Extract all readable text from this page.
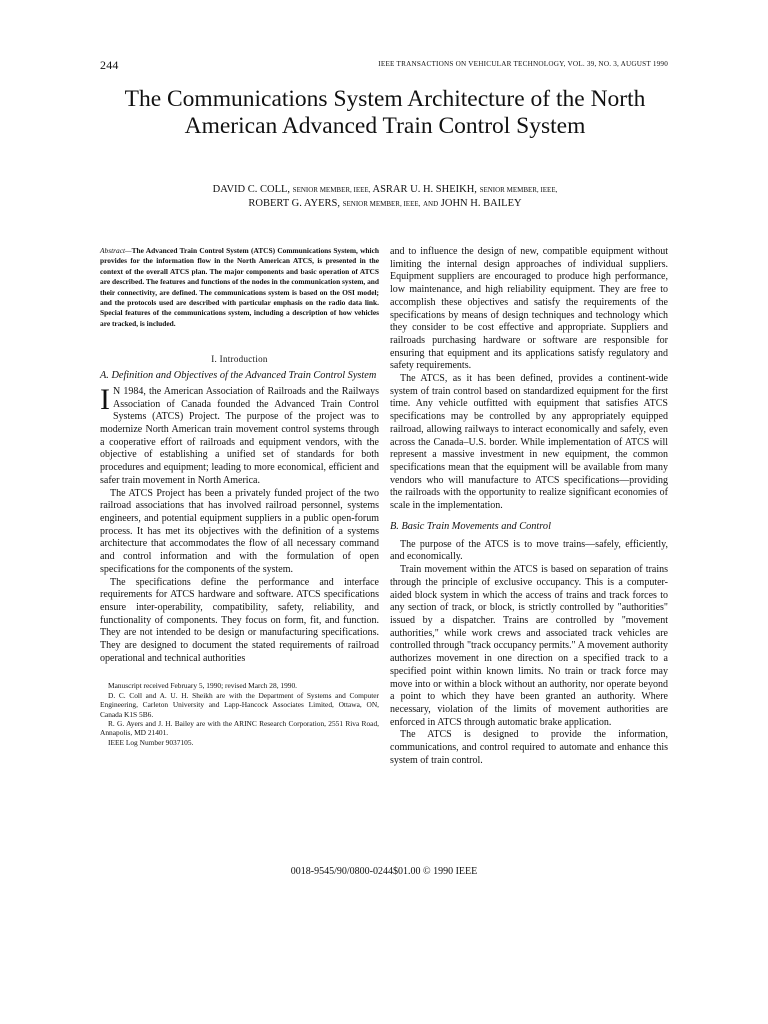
244	IEEE TRANSACTIONS ON VEHICULAR TECHNOLOGY, VOL. 39, NO. 3, AUGUST 1990
The Communications System Architecture of the North American Advanced Train Control System
DAVID C. COLL, SENIOR MEMBER, IEEE, ASRAR U. H. SHEIKH, SENIOR MEMBER, IEEE,
ROBERT G. AYERS, SENIOR MEMBER, IEEE, AND JOHN H. BAILEY
Abstract—The Advanced Train Control System (ATCS) Communications System, which provides for the information flow in the North American ATCS, is presented in the context of the overall ATCS plan. The major components and basic operation of ATCS are described. The features and functions of the nodes in the communication system, and their connectivity, are defined. The communications system is based on the OSI model; and the protocols used are described with particular emphasis on the radio data link. Special features of the communications system, including a description of how vehicles are tracked, is included.
I. Introduction
A. Definition and Objectives of the Advanced Train Control System

I N 1984, the American Association of Railroads and the Railways Association of Canada founded the Advanced Train Control Systems (ATCS) Project. The purpose of the project was to modernize North American train movement control systems through a cooperative effort of railroads and equipment vendors, with the objective of establishing a unified set of standards for both procedures and equipment; leading to more economical, efficient and safer train movement in North America.

The ATCS Project has been a privately funded project of the two railroad associations that has involved railroad personnel, systems engineers, and potential equipment suppliers in a public open-forum process. It has met its objectives with the definition of a systems architecture that accommodates the flow of all necessary command and control information and with the formulation of open specifications for the components of the system.

The specifications define the performance and interface requirements for ATCS hardware and software. ATCS specifications ensure inter-operability, compatibility, safety, reliability, and functionality of components. They focus on form, fit, and function. They are not intended to be design or manufacturing specifications. They are designed to document the stated requirements of railroad operational and technical authorities

Manuscript received February 5, 1990; revised March 28, 1990.
D. C. Coll and A. U. H. Sheikh are with the Department of Systems and Computer Engineering, Carleton University and Lapp-Hancock Associates Limited, Ottawa, ON, Canada K1S 5B6.
R. G. Ayers and J. H. Bailey are with the ARINC Research Corporation, 2551 Riva Road, Annapolis, MD 21401.
IEEE Log Number 9037105.

and to influence the design of new, compatible equipment without limiting the internal design approaches of individual suppliers. Equipment suppliers are encouraged to produce high performance, low maintenance, and high reliability equipment. They are free to accomplish these objectives and satisfy the requirements of the specifications by means of design techniques and technology which they consider to be cost effective and appropriate. Suppliers and railroads purchasing hardware or software are responsible for ensuring that equipment and its applications satisfy regulatory and safety requirements.

The ATCS, as it has been defined, provides a continent-wide system of train control based on standardized equipment for the first time. Any vehicle outfitted with equipment that satisfies ATCS specifications may be controlled by any appropriately equipped railroad, allowing railways to interact economically and safely, even across the Canada–U.S. border. While implementation of ATCS will represent a massive investment in new equipment, the common specifications mean that the equipment will be available from many vendors who will manufacture to ATCS specifications—providing the railroads with the opportunity to realize significant economies of scale in the implementation.

B. Basic Train Movements and Control

The purpose of the ATCS is to move trains—safely, efficiently, and economically.

Train movement within the ATCS is based on separation of trains through the principle of exclusive occupancy. This is a computer-aided block system in which the access of trains and track forces to any section of track, or block, is strictly controlled by "authorities" issued by a dispatcher. Trains are controlled by "movement authorities," while work crews and associated track vehicles are controlled through "track occupancy permits." A movement authority authorizes movement in one direction on a specified track to a specified point within known limits. No train or track force may move into or within a block without an authority, nor operate beyond a point to which they have been granted an authority. Where necessary, violation of the limits of movement authorities are enforced in ATCS through automatic brake application.

The ATCS is designed to provide the information, communications, and control required to automate and enhance this system of train control.

0018-9545/90/0800-0244$01.00 © 1990 IEEE
